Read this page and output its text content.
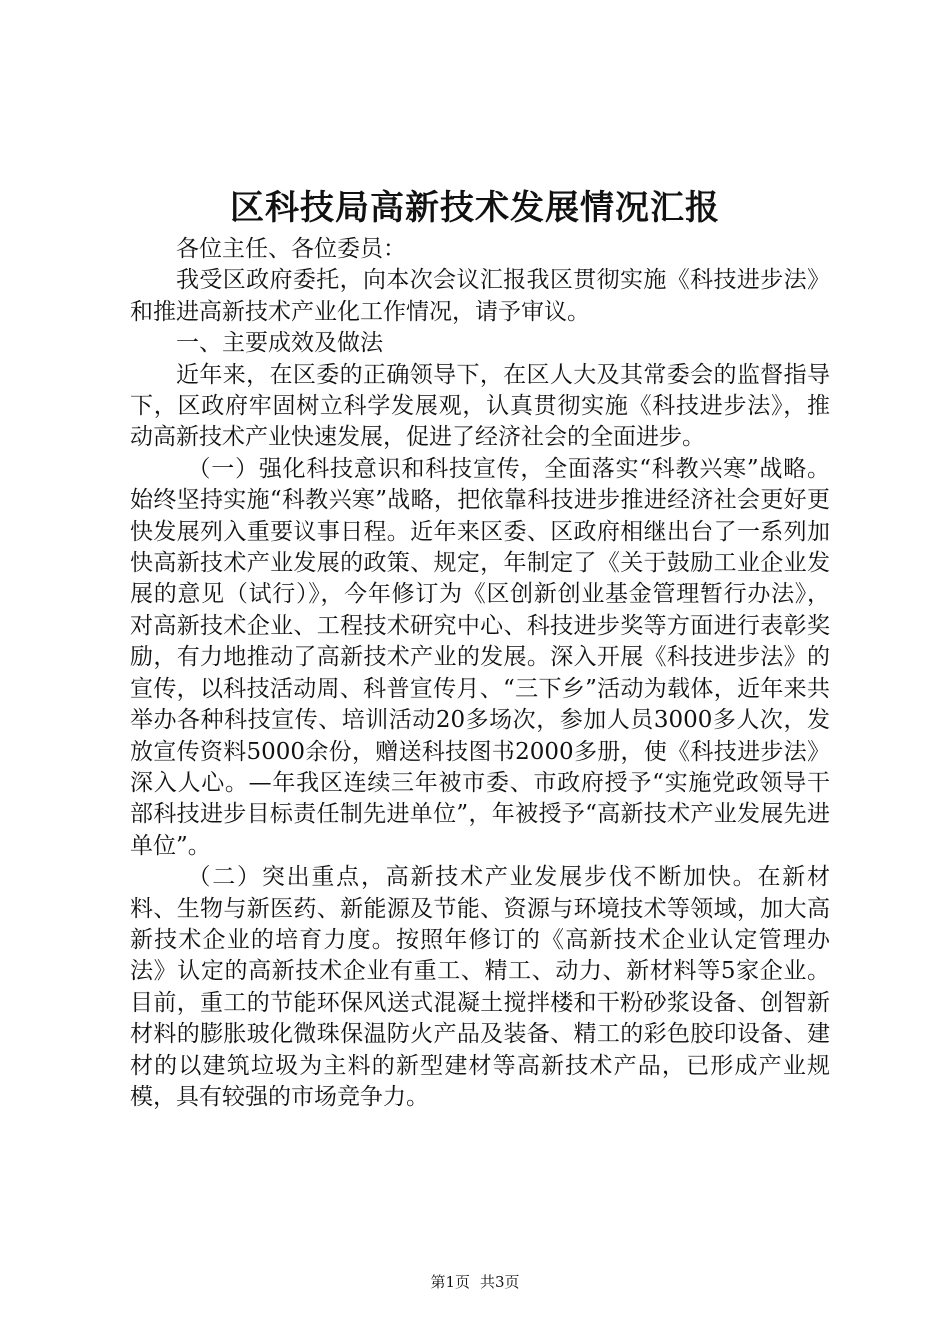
区科技局高新技术发展情况汇报

各位主任、各位委员：

我受区政府委托，向本次会议汇报我区贯彻实施《科技进步法》和推进高新技术产业化工作情况，请予审议。

一、主要成效及做法

近年来，在区委的正确领导下，在区人大及其常委会的监督指导下，区政府牢固树立科学发展观，认真贯彻实施《科技进步法》，推动高新技术产业快速发展，促进了经济社会的全面进步。

（一）强化科技意识和科技宣传，全面落实“科教兴寒”战略。始终坚持实施“科教兴寒”战略，把依靠科技进步推进经济社会更好更快发展列入重要议事日程。近年来区委、区政府相继出台了一系列加快高新技术产业发展的政策、规定，年制定了《关于鼓励工业企业发展的意见（试行）》，今年修订为《区创新创业基金管理暂行办法》，对高新技术企业、工程技术研究中心、科技进步奖等方面进行表彰奖励，有力地推动了高新技术产业的发展。深入开展《科技进步法》的宣传，以科技活动周、科普宣传月、“三下乡”活动为载体，近年来共举办各种科技宣传、培训活动20多场次，参加人员3000多人次，发放宣传资料5000余份，赠送科技图书2000多册，使《科技进步法》深入人心。—年我区连续三年被市委、市政府授予“实施党政领导干部科技进步目标责任制先进单位”，年被授予“高新技术产业发展先进单位”。

（二）突出重点，高新技术产业发展步伐不断加快。在新材料、生物与新医药、新能源及节能、资源与环境技术等领域，加大高新技术企业的培育力度。按照年修订的《高新技术企业认定管理办法》认定的高新技术企业有重工、精工、动力、新材料等5家企业。目前，重工的节能环保风送式混凝土搅拌楼和干粉砂浆设备、创智新材料的膨胀玻化微珠保温防火产品及装备、精工的彩色胶印设备、建材的以建筑垃圾为主料的新型建材等高新技术产品，已形成产业规模，具有较强的市场竞争力。

第1页 共3页
